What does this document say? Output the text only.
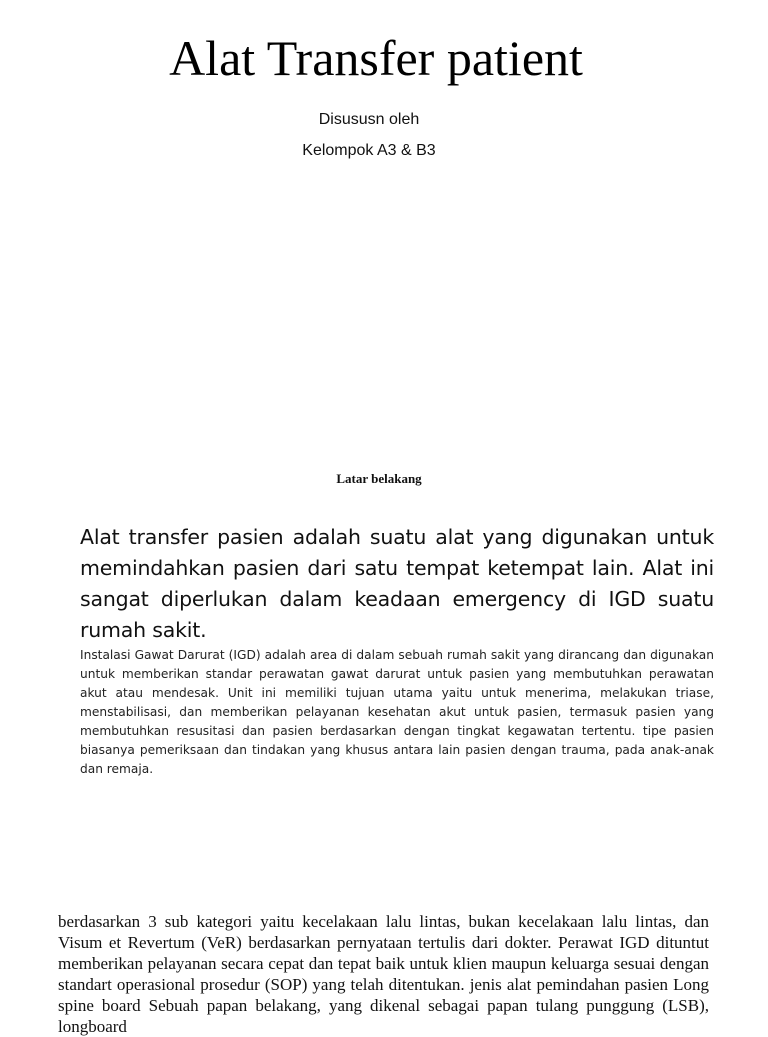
Alat Transfer patient
Disususn oleh
Kelompok A3 & B3
Latar belakang

Alat transfer pasien adalah suatu alat yang digunakan untuk memindahkan pasien dari satu tempat ketempat lain. Alat ini sangat diperlukan dalam keadaan emergency di IGD suatu rumah sakit.

Instalasi Gawat Darurat (IGD) adalah area di dalam sebuah rumah sakit yang dirancang dan digunakan untuk memberikan standar perawatan gawat darurat untuk pasien yang membutuhkan perawatan akut atau mendesak. Unit ini memiliki tujuan utama yaitu untuk menerima, melakukan triase, menstabilisasi, dan memberikan pelayanan kesehatan akut untuk pasien, termasuk pasien yang membutuhkan resusitasi dan pasien berdasarkan dengan tingkat kegawatan tertentu. tipe pasien biasanya pemeriksaan dan tindakan yang khusus antara lain pasien dengan trauma, pada anak-anak dan remaja.

berdasarkan 3 sub kategori yaitu kecelakaan lalu lintas, bukan kecelakaan lalu lintas, dan Visum et Revertum (VeR) berdasarkan pernyataan tertulis dari dokter. Perawat IGD dituntut memberikan pelayanan secara cepat dan tepat baik untuk klien maupun keluarga sesuai dengan standart operasional prosedur (SOP) yang telah ditentukan. jenis alat pemindahan pasien Long spine board Sebuah papan belakang, yang dikenal sebagai papan tulang punggung (LSB), longboard
